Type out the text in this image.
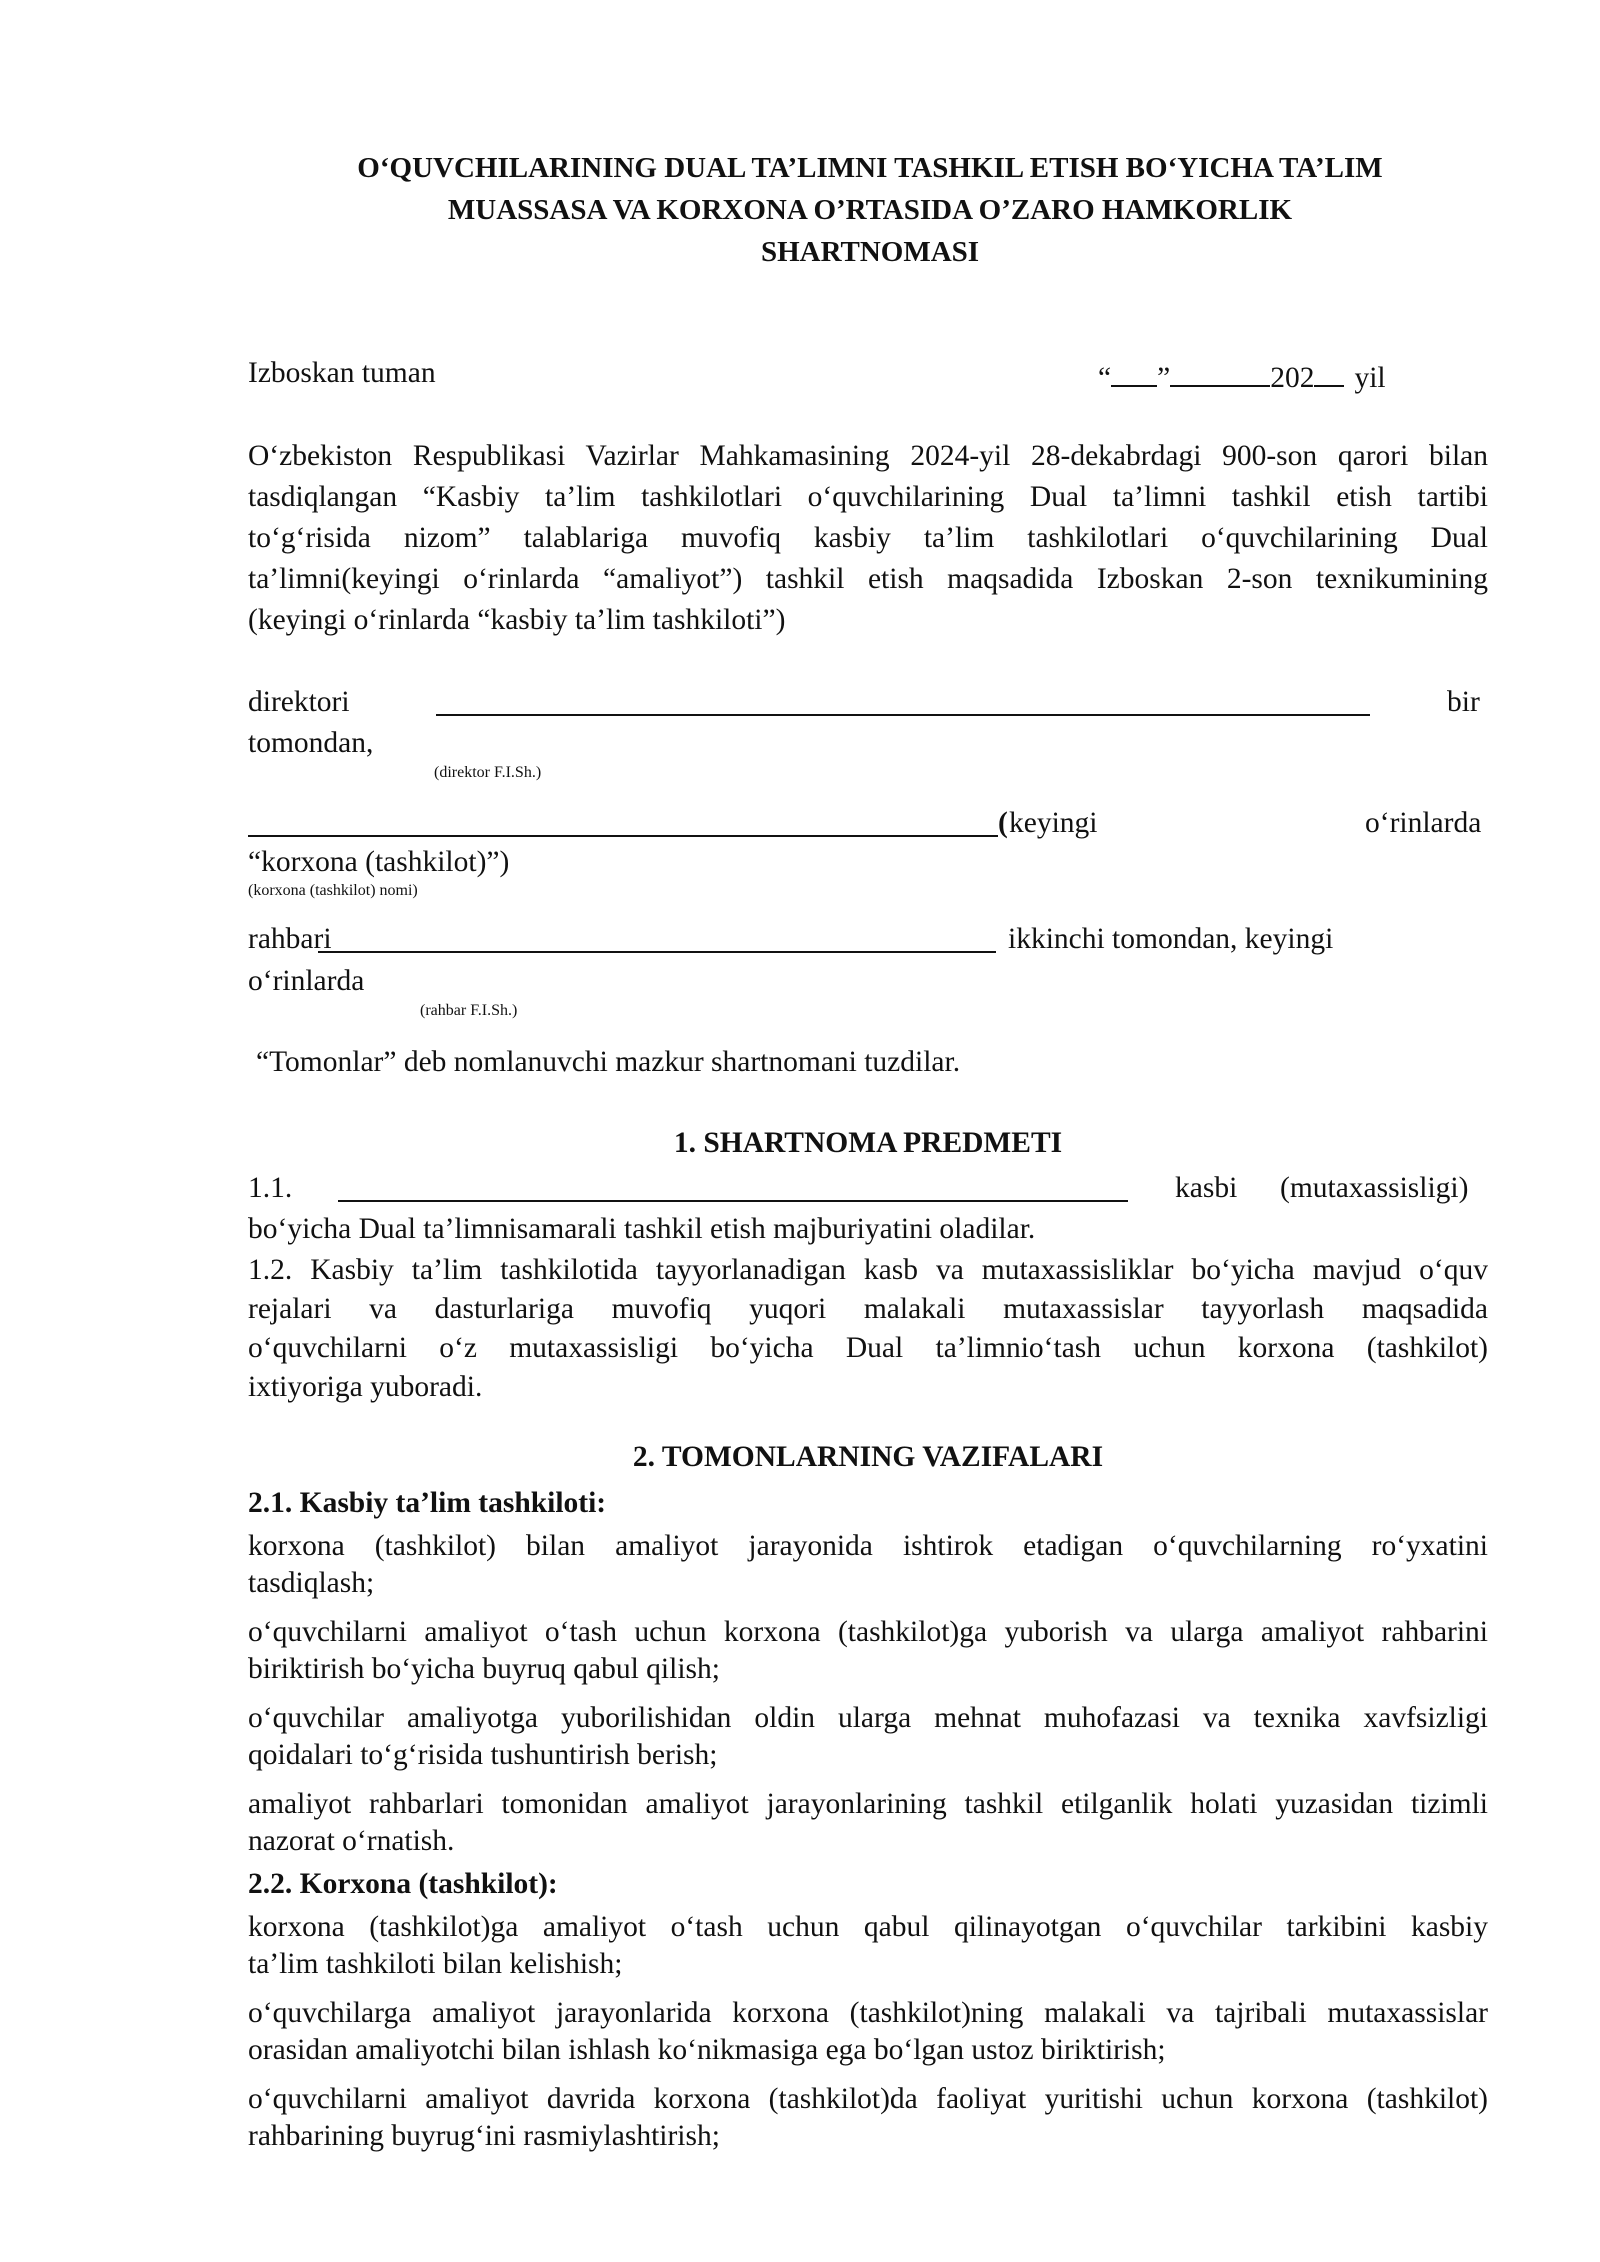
O‘QUVCHILARINING DUAL TA’LIMNI TASHKIL ETISH BO‘YICHA TA’LIM
MUASSASA VA KORXONA O’RTASIDA O’ZARO HAMKORLIK
SHARTNOMASI
Izboskan tuman	“ ”	202 yil
O‘zbekiston Respublikasi Vazirlar Mahkamasining 2024-yil 28-dekabrdagi 900-son qarori bilan
tasdiqlangan “Kasbiy ta’lim tashkilotlari o‘quvchilarining Dual ta’limni tashkil etish tartibi
to‘g‘risida nizom” talablariga muvofiq kasbiy ta’lim tashkilotlari o‘quvchilarining Dual
ta’limni(keyingi o‘rinlarda “amaliyot”) tashkil etish maqsadida Izboskan 2-son texnikumining
(keyingi o‘rinlarda “kasbiy ta’lim tashkiloti”)
direktori	bir
tomondan,
(direktor F.I.Sh.)
( keyingi	o‘rinlarda
“korxona (tashkilot)”)
(korxona (tashkilot) nomi)
rahbari	ikkinchi tomondan, keyingi
o‘rinlarda
(rahbar F.I.Sh.)
“Tomonlar” deb nomlanuvchi mazkur shartnomani tuzdilar.
1. SHARTNOMA PREDMETI
1.1.	kasbi (mutaxassisligi)
bo‘yicha Dual ta’limnisamarali tashkil etish majburiyatini oladilar.
1.2. Kasbiy ta’lim tashkilotida tayyorlanadigan kasb va mutaxassisliklar bo‘yicha mavjud o‘quv
rejalari va dasturlariga muvofiq yuqori malakali mutaxassislar tayyorlash maqsadida
o‘quvchilarni o‘z mutaxassisligi bo‘yicha Dual ta’limnio‘tash uchun korxona (tashkilot)
ixtiyoriga yuboradi.
2. TOMONLARNING VAZIFALARI
2.1. Kasbiy ta’lim tashkiloti:
korxona (tashkilot) bilan amaliyot jarayonida ishtirok etadigan o‘quvchilarning ro‘yxatini
tasdiqlash;
o‘quvchilarni amaliyot o‘tash uchun korxona (tashkilot)ga yuborish va ularga amaliyot rahbarini
biriktirish bo‘yicha buyruq qabul qilish;
o‘quvchilar amaliyotga yuborilishidan oldin ularga mehnat muhofazasi va texnika xavfsizligi
qoidalari to‘g‘risida tushuntirish berish;
amaliyot rahbarlari tomonidan amaliyot jarayonlarining tashkil etilganlik holati yuzasidan tizimli
nazorat o‘rnatish.
2.2. Korxona (tashkilot):
korxona (tashkilot)ga amaliyot o‘tash uchun qabul qilinayotgan o‘quvchilar tarkibini kasbiy
ta’lim tashkiloti bilan kelishish;
o‘quvchilarga amaliyot jarayonlarida korxona (tashkilot)ning malakali va tajribali mutaxassislar
orasidan amaliyotchi bilan ishlash ko‘nikmasiga ega bo‘lgan ustoz biriktirish;
o‘quvchilarni amaliyot davrida korxona (tashkilot)da faoliyat yuritishi uchun korxona (tashkilot)
rahbarining buyrug‘ini rasmiylashtirish;
